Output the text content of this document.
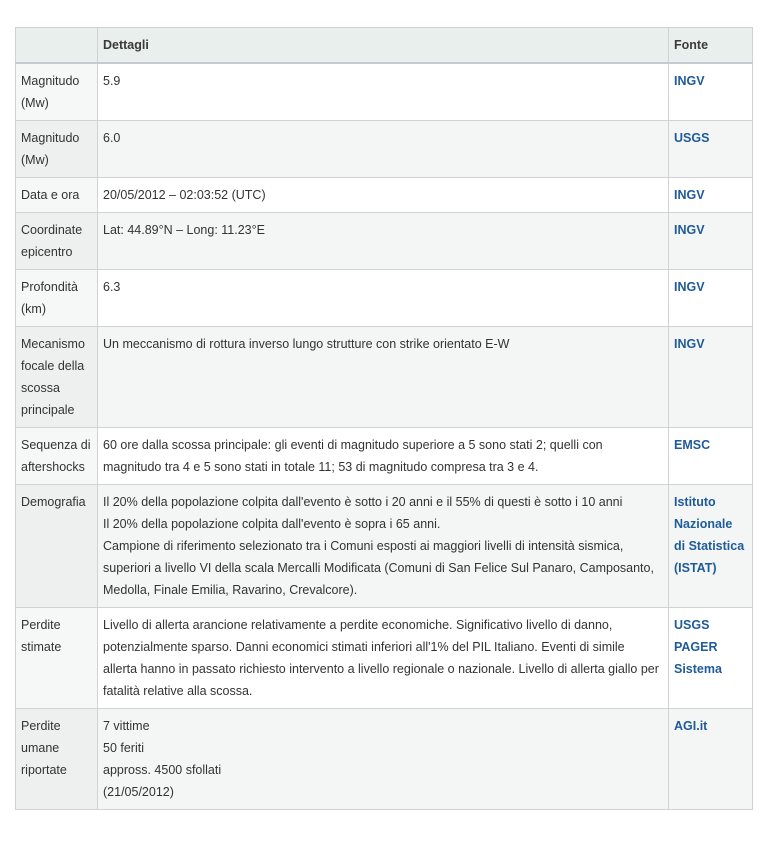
	Dettagli	Fonte
Magnitudo (Mw)	5.9	INGV

Magnitudo (Mw)	6.0	USGS

Data e ora	20/05/2012 – 02:03:52 (UTC)	INGV

Coordinate epicentro	Lat: 44.89°N – Long: 11.23°E	INGV

Profondità (km)	6.3	INGV

Mecanismo focale della scossa principale	Un meccanismo di rottura inverso lungo strutture con strike orientato E-W	INGV

Sequenza di aftershocks	60 ore dalla scossa principale: gli eventi di magnitudo superiore a 5 sono stati 2; quelli con magnitudo tra 4 e 5 sono stati in totale 11; 53 di magnitudo compresa tra 3 e 4.	EMSC

Demografia	Il 20% della popolazione colpita dall'evento è sotto i 20 anni e il 55% di questi è sotto i 10 anni
Il 20% della popolazione colpita dall'evento è sopra i 65 anni.
Campione di riferimento selezionato tra i Comuni esposti ai maggiori livelli di intensità sismica, superiori a livello VI della scala Mercalli Modificata (Comuni di San Felice Sul Panaro, Camposanto, Medolla, Finale Emilia, Ravarino, Crevalcore).	Istituto Nazionale di Statistica (ISTAT)

Perdite stimate	Livello di allerta arancione relativamente a perdite economiche. Significativo livello di danno, potenzialmente sparso. Danni economici stimati inferiori all'1% del PIL Italiano. Eventi di simile allerta hanno in passato richiesto intervento a livello regionale o nazionale. Livello di allerta giallo per fatalità relative alla scossa.	USGS PAGER Sistema

Perdite umane riportate	7 vittime
50 feriti
appross. 4500 sfollati
(21/05/2012)	AGI.it
